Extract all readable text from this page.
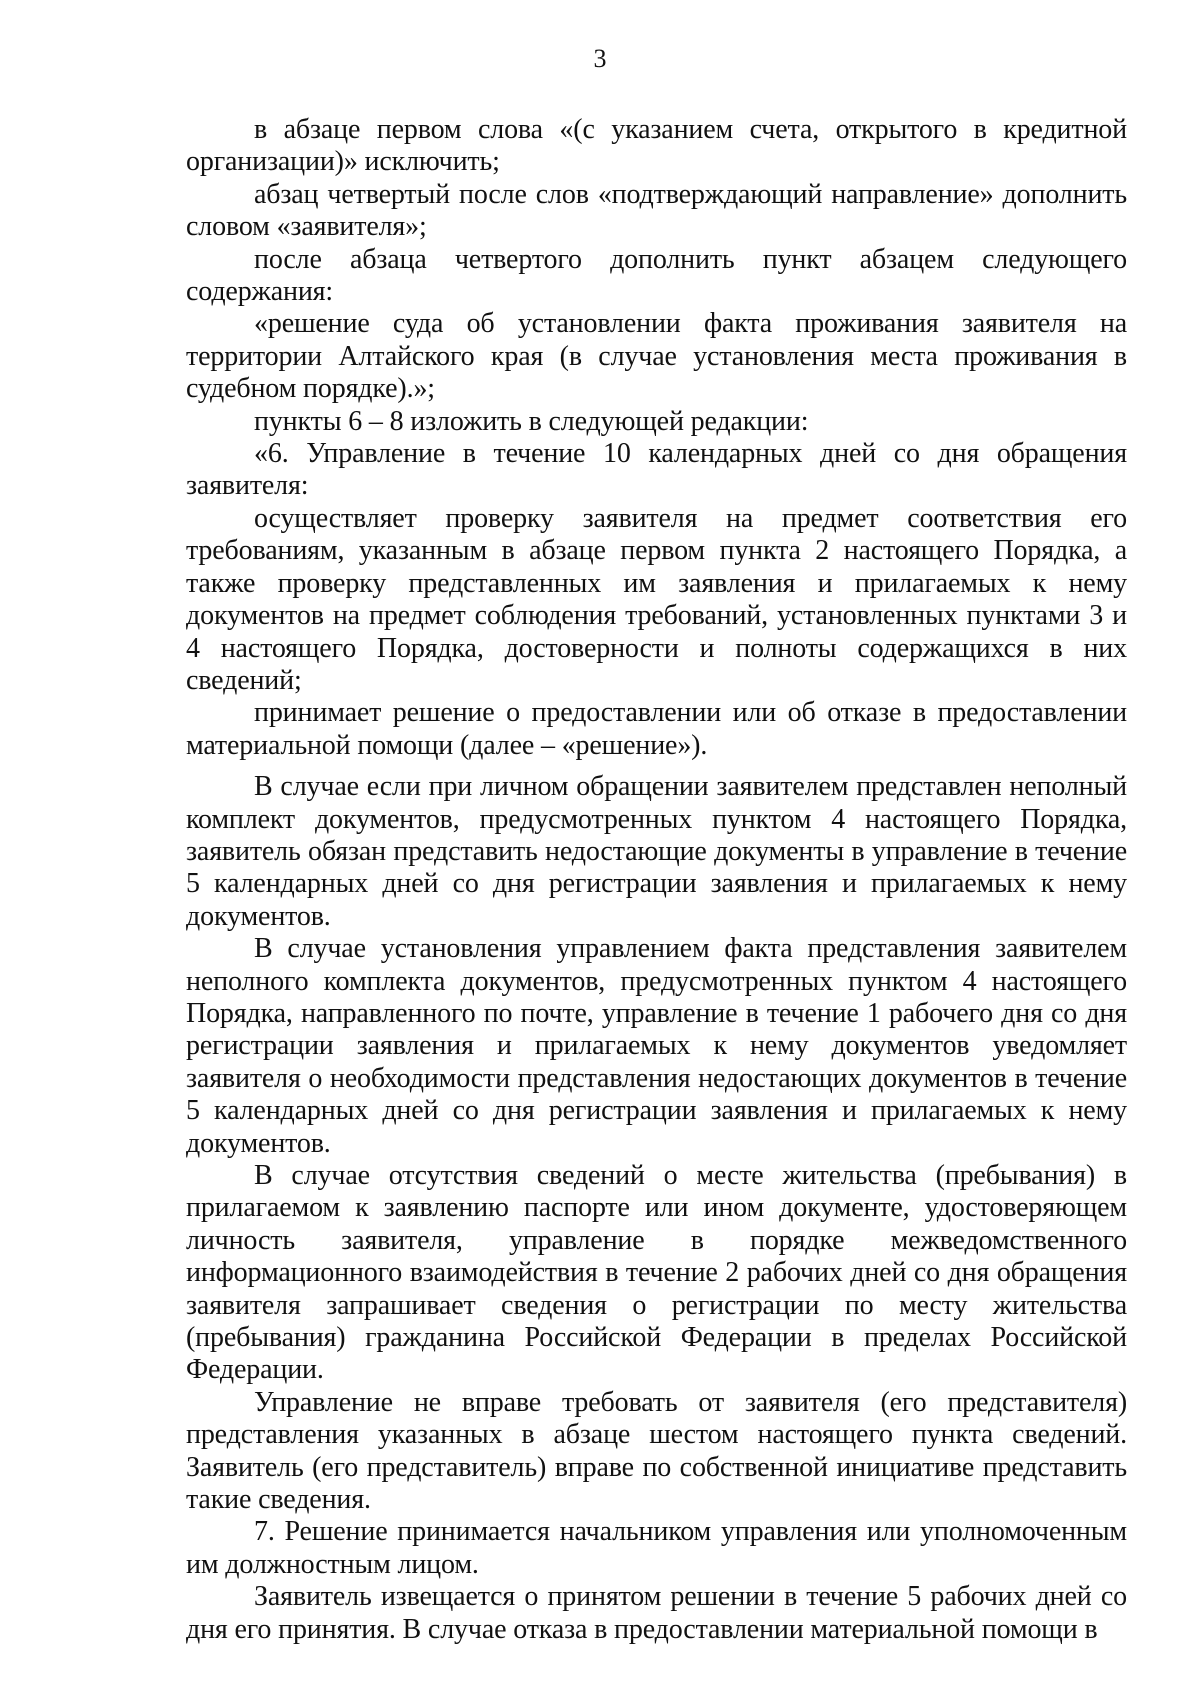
3

в абзаце первом слова «(с указанием счета, открытого в кредитной организации)» исключить;

абзац четвертый после слов «подтверждающий направление» дополнить словом «заявителя»;

после абзаца четвертого дополнить пункт абзацем следующего содержания:

«решение суда об установлении факта проживания заявителя на территории Алтайского края (в случае установления места проживания в судебном порядке).»;

пункты 6 – 8 изложить в следующей редакции:

«6. Управление в течение 10 календарных дней со дня обращения заявителя:

осуществляет проверку заявителя на предмет соответствия его требованиям, указанным в абзаце первом пункта 2 настоящего Порядка, а также проверку представленных им заявления и прилагаемых к нему документов на предмет соблюдения требований, установленных пунктами 3 и 4 настоящего Порядка, достоверности и полноты содержащихся в них сведений;

принимает решение о предоставлении или об отказе в предоставлении материальной помощи (далее – «решение»).

В случае если при личном обращении заявителем представлен неполный комплект документов, предусмотренных пунктом 4 настоящего Порядка, заявитель обязан представить недостающие документы в управление в течение 5 календарных дней со дня регистрации заявления и прилагаемых к нему документов.

В случае установления управлением факта представления заявителем неполного комплекта документов, предусмотренных пунктом 4 настоящего Порядка, направленного по почте, управление в течение 1 рабочего дня со дня регистрации заявления и прилагаемых к нему документов уведомляет заявителя о необходимости представления недостающих документов в течение 5 календарных дней со дня регистрации заявления и прилагаемых к нему документов.

В случае отсутствия сведений о месте жительства (пребывания) в прилагаемом к заявлению паспорте или ином документе, удостоверяющем личность заявителя, управление в порядке межведомственного информационного взаимодействия в течение 2 рабочих дней со дня обращения заявителя запрашивает сведения о регистрации по месту жительства (пребывания) гражданина Российской Федерации в пределах Российской Федерации.

Управление не вправе требовать от заявителя (его представителя) представления указанных в абзаце шестом настоящего пункта сведений. Заявитель (его представитель) вправе по собственной инициативе представить такие сведения.

7. Решение принимается начальником управления или уполномоченным им должностным лицом.

Заявитель извещается о принятом решении в течение 5 рабочих дней со дня его принятия. В случае отказа в предоставлении материальной помощи в
